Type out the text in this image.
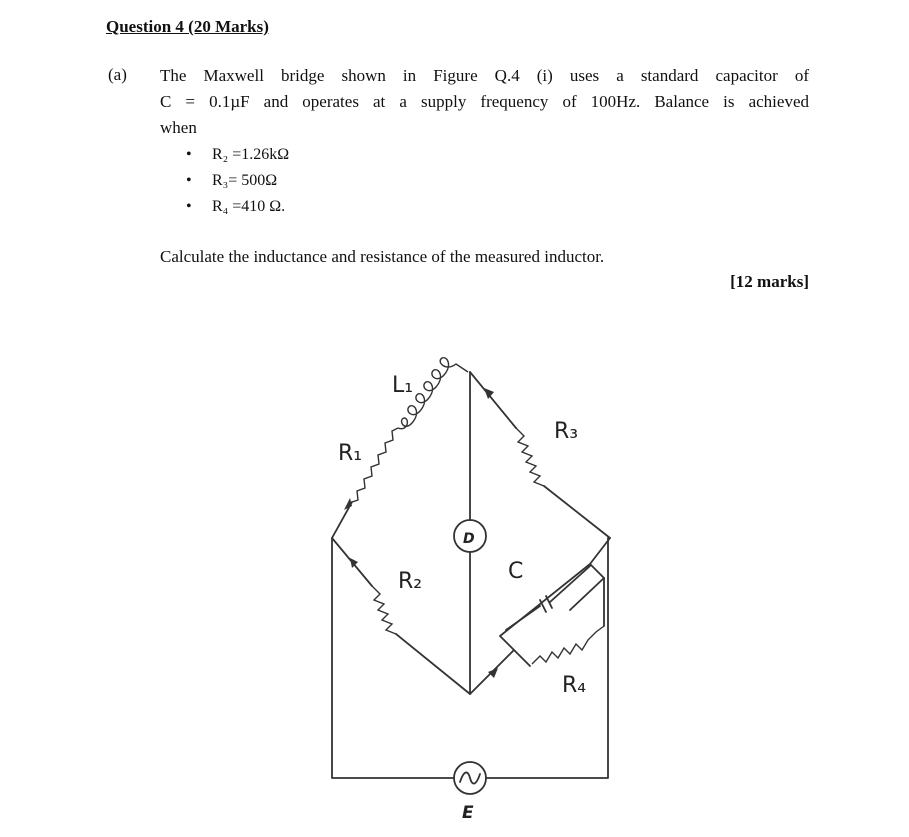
Question 4 (20 Marks)
(a) The Maxwell bridge shown in Figure Q.4 (i) uses a standard capacitor of
C = 0.1µF and operates at a supply frequency of 100Hz. Balance is achieved
when
• R₂ =1.26kΩ
• R₃= 500Ω
• R₄ =410 Ω.
Calculate the inductance and resistance of the measured inductor.
[12 marks]
L₁
R₁
R₃
D
C
R₂
R₄
E
